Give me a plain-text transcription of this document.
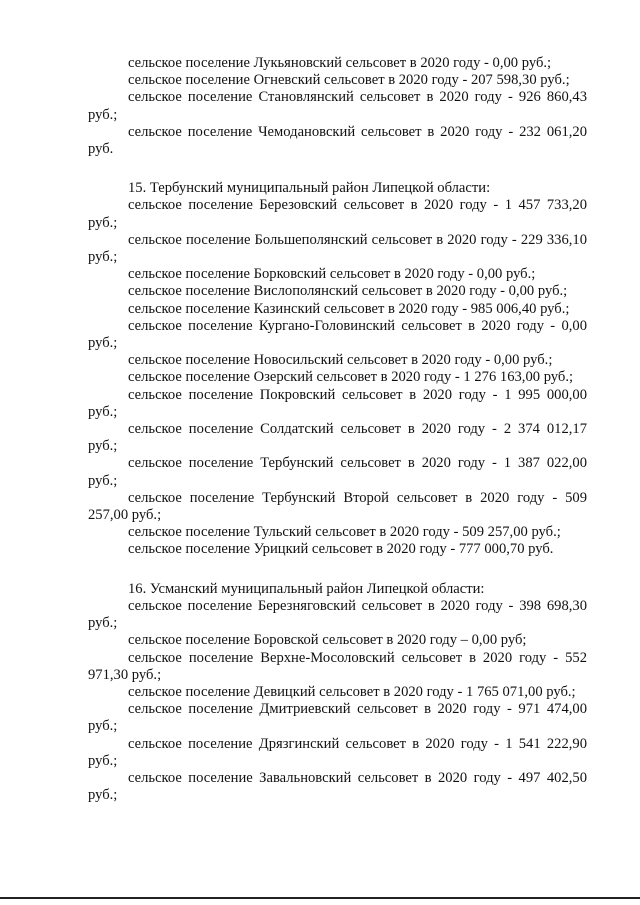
сельское поселение Лукьяновский сельсовет в 2020 году - 0,00 руб.;
сельское поселение Огневский сельсовет в 2020 году - 207 598,30 руб.;
сельское поселение Становлянский сельсовет в 2020 году - 926 860,43 руб.;
сельское поселение Чемодановский сельсовет в 2020 году - 232 061,20 руб.
15. Тербунский муниципальный район Липецкой области:
сельское поселение Березовский сельсовет в 2020 году - 1 457 733,20 руб.;
сельское поселение Большеполянский сельсовет в 2020 году - 229 336,10 руб.;
сельское поселение Борковский сельсовет в 2020 году - 0,00 руб.;
сельское поселение Вислополянский сельсовет в 2020 году - 0,00 руб.;
сельское поселение Казинский сельсовет в 2020 году - 985 006,40 руб.;
сельское поселение Кургано-Головинский сельсовет в 2020 году - 0,00 руб.;
сельское поселение Новосильский сельсовет в 2020 году - 0,00 руб.;
сельское поселение Озерский сельсовет в 2020 году - 1 276 163,00 руб.;
сельское поселение Покровский сельсовет в 2020 году - 1 995 000,00 руб.;
сельское поселение Солдатский сельсовет в 2020 году - 2 374 012,17 руб.;
сельское поселение Тербунский сельсовет в 2020 году - 1 387 022,00 руб.;
сельское поселение Тербунский Второй сельсовет в 2020 году - 509 257,00 руб.;
сельское поселение Тульский сельсовет в 2020 году - 509 257,00 руб.;
сельское поселение Урицкий сельсовет в 2020 году - 777 000,70 руб.
16. Усманский муниципальный район Липецкой области:
сельское поселение Березняговский сельсовет в 2020 году - 398 698,30 руб.;
сельское поселение Боровской сельсовет в 2020 году – 0,00 руб;
сельское поселение Верхне-Мосоловский сельсовет в 2020 году - 552 971,30 руб.;
сельское поселение Девицкий сельсовет в 2020 году - 1 765 071,00 руб.;
сельское поселение Дмитриевский сельсовет в 2020 году - 971 474,00 руб.;
сельское поселение Дрязгинский сельсовет в 2020 году - 1 541 222,90 руб.;
сельское поселение Завальновский сельсовет в 2020 году - 497 402,50 руб.;
